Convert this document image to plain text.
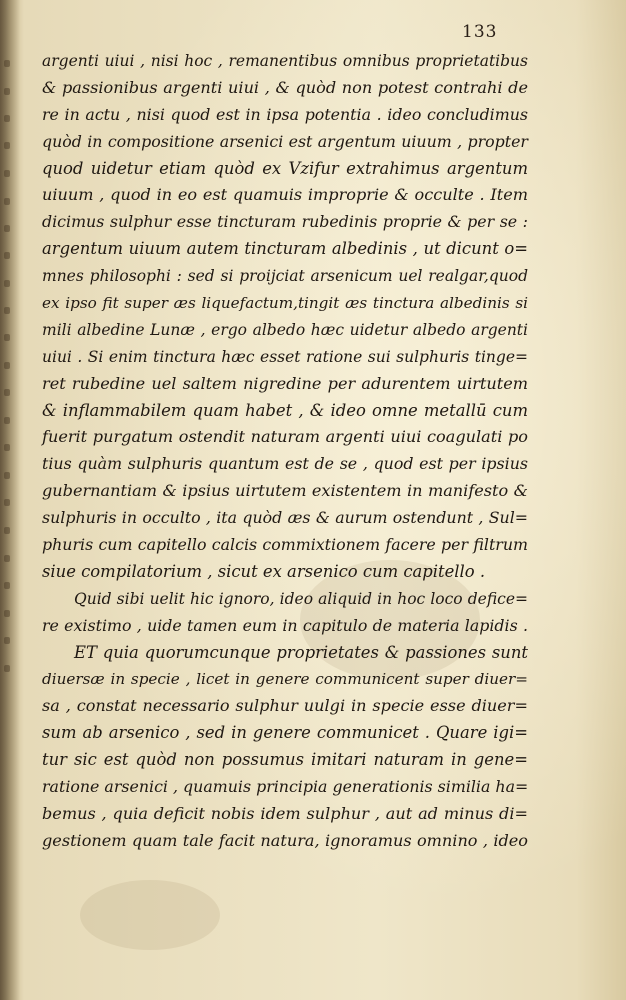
133
argenti uiui , nisi hoc , remanentibus omnibus proprietatibus
& passionibus argenti uiui , & quòd non potest contrahi de
re in actu , nisi quod est in ipsa potentia . ideo concludimus
quòd in compositione arsenici est argentum uiuum , propter
quod uidetur etiam quòd ex Vzifur extrahimus argentum
uiuum , quod in eo est quamuis improprie & occulte . Item
dicimus sulphur esse tincturam rubedinis proprie & per se :
argentum uiuum autem tincturam albedinis , ut dicunt o=
mnes philosophi : sed si proijciat arsenicum uel realgar,quod
ex ipso fit super æs liquefactum,tingit æs tinctura albedinis si
mili albedine Lunæ , ergo albedo hæc uidetur albedo argenti
uiui . Si enim tinctura hæc esset ratione sui sulphuris tinge=
ret rubedine uel saltem nigredine per adurentem uirtutem
& inflammabilem quam habet , & ideo omne metallū cum
fuerit purgatum ostendit naturam argenti uiui coagulati po
tius quàm sulphuris quantum est de se , quod est per ipsius
gubernantiam & ipsius uirtutem existentem in manifesto &
sulphuris in occulto , ita quòd æs & aurum ostendunt , Sul=
phuris cum capitello calcis commixtionem facere per filtrum
siue compilatorium , sicut ex arsenico cum capitello .
Quid sibi uelit hic ignoro, ideo aliquid in hoc loco defice=
re existimo , uide tamen eum in capitulo de materia lapidis .
ET quia quorumcunque proprietates & passiones sunt
diuersæ in specie , licet in genere communicent super diuer=
sa , constat necessario sulphur uulgi in specie esse diuer=
sum ab arsenico , sed in genere communicet . Quare igi=
tur sic est quòd non possumus imitari naturam in gene=
ratione arsenici , quamuis principia generationis similia ha=
bemus , quia deficit nobis idem sulphur , aut ad minus di=
gestionem quam tale facit natura, ignoramus omnino , ideo
